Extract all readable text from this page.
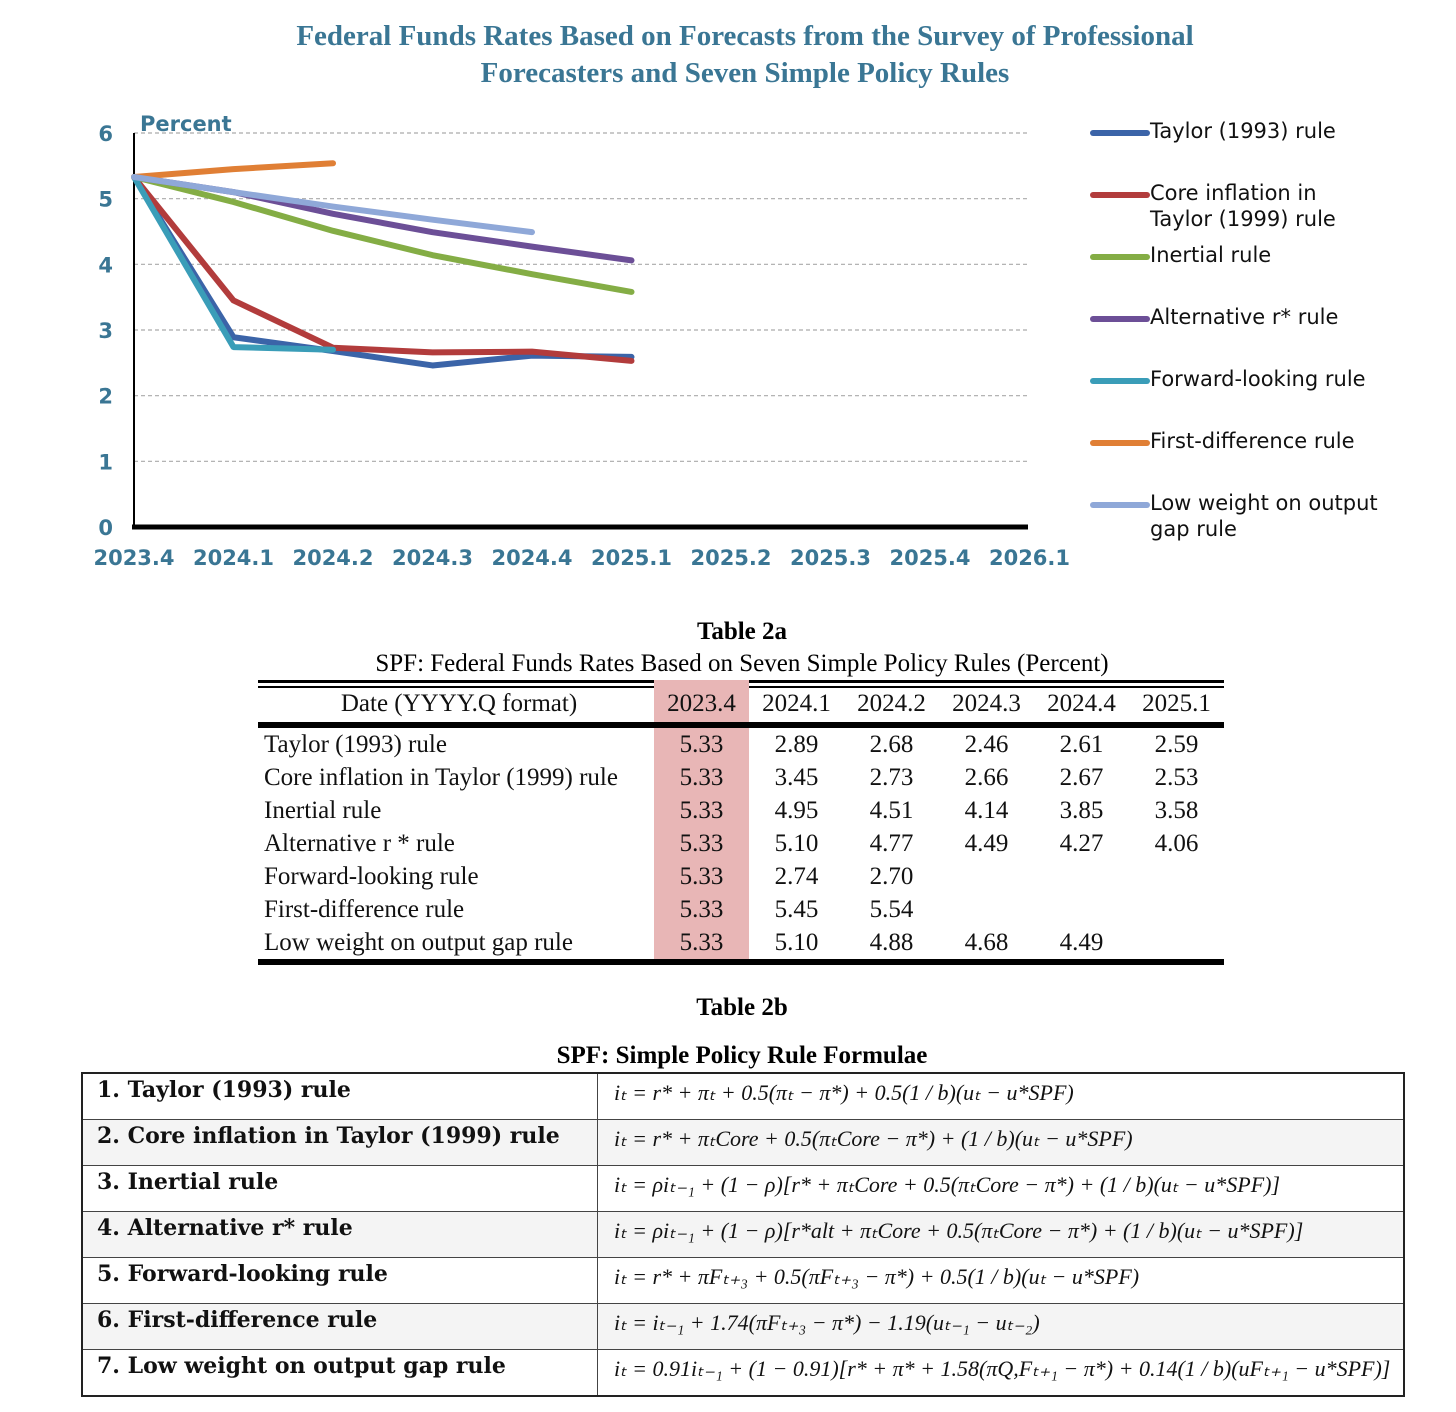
Federal Funds Rates Based on Forecasts from the Survey of Professional
Forecasters and Seven Simple Policy Rules
0
1
2
3
4
5
6 Percent
2023.4 2024.1 2024.2 2024.3 2024.4 2025.1 2025.2 2025.3 2025.4 2026.1
Taylor (1993) rule
Core inflation in
Taylor (1999) rule
Inertial rule
Alternative r* rule
Forward-looking rule
First-difference rule
Low weight on output
gap rule
Table 2a
SPF: Federal Funds Rates Based on Seven Simple Policy Rules (Percent)
Date (YYYY.Q format)	2023.4	2024.1	2024.2	2024.3	2024.4	2025.1
Taylor (1993) rule	5.33	2.89	2.68	2.46	2.61	2.59
Core inflation in Taylor (1999) rule	5.33	3.45	2.73	2.66	2.67	2.53
Inertial rule	5.33	4.95	4.51	4.14	3.85	3.58
Alternative r * rule	5.33	5.10	4.77	4.49	4.27	4.06
Forward-looking rule	5.33	2.74	2.70			
First-difference rule	5.33	5.45	5.54			
Low weight on output gap rule	5.33	5.10	4.88	4.68	4.49	
Table 2b
SPF: Simple Policy Rule Formulae
1. Taylor (1993) rule	iₜ = r* + πₜ + 0.5(πₜ − π*) + 0.5(1 / b)(uₜ − u*SPF)
2. Core inflation in Taylor (1999) rule	iₜ = r* + πₜCore + 0.5(πₜCore − π*) + (1 / b)(uₜ − u*SPF)
3. Inertial rule	iₜ = ρiₜ₋₁ + (1 − ρ)[r* + πₜCore + 0.5(πₜCore − π*) + (1 / b)(uₜ − u*SPF)]
4. Alternative r* rule	iₜ = ρiₜ₋₁ + (1 − ρ)[r*alt + πₜCore + 0.5(πₜCore − π*) + (1 / b)(uₜ − u*SPF)]
5. Forward-looking rule	iₜ = r* + πFₜ₊₃ + 0.5(πFₜ₊₃ − π*) + 0.5(1 / b)(uₜ − u*SPF)
6. First-difference rule	iₜ = iₜ₋₁ + 1.74(πFₜ₊₃ − π*) − 1.19(uₜ₋₁ − uₜ₋₂)
7. Low weight on output gap rule	iₜ = 0.91iₜ₋₁ + (1 − 0.91)[r* + π* + 1.58(πQ,Fₜ₊₁ − π*) + 0.14(1 / b)(uFₜ₊₁ − u*SPF)]
